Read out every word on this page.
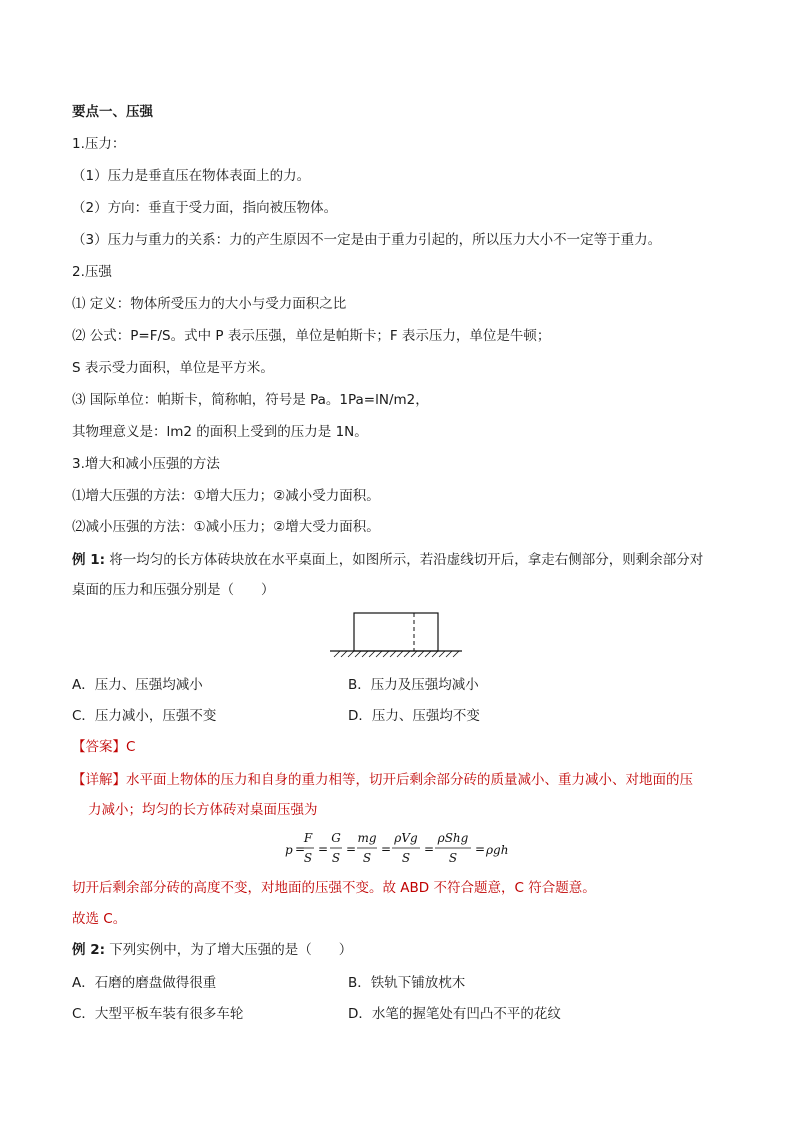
要点一、压强
1.压力：
（1）压力是垂直压在物体表面上的力。
（2）方向：垂直于受力面，指向被压物体。
（3）压力与重力的关系：力的产生原因不一定是由于重力引起的，所以压力大小不一定等于重力。
2.压强
⑴ 定义：物体所受压力的大小与受力面积之比
⑵ 公式：P=F/S。式中 P 表示压强，单位是帕斯卡；F 表示压力，单位是牛顿；
S 表示受力面积，单位是平方米。
⑶ 国际单位：帕斯卡，简称帕，符号是 Pa。1Pa=lN/m2，
其物理意义是：lm2 的面积上受到的压力是 1N。
3.增大和减小压强的方法
⑴增大压强的方法：①增大压力；②减小受力面积。
⑵减小压强的方法：①减小压力；②增大受力面积。
例 1: 将一均匀的长方体砖块放在水平桌面上，如图所示，若沿虚线切开后，拿走右侧部分，则剩余部分对
桌面的压力和压强分别是（　　）
A．压力、压强均减小	B．压力及压强均减小
C．压力减小，压强不变	D．压力、压强均不变
【答案】C
【详解】水平面上物体的压力和自身的重力相等，切开后剩余部分砖的质量减小、重力减小、对地面的压
力减小；均匀的长方体砖对桌面压强为
p =
F
S
=
G
S
=
mg
S
=
ρVg
S
=
ρShg
S
= ρgh
切开后剩余部分砖的高度不变，对地面的压强不变。故 ABD 不符合题意，C 符合题意。
故选 C。
例 2: 下列实例中，为了增大压强的是（　　）
A．石磨的磨盘做得很重	B．铁轨下铺放枕木
C．大型平板车装有很多车轮	D．水笔的握笔处有凹凸不平的花纹
